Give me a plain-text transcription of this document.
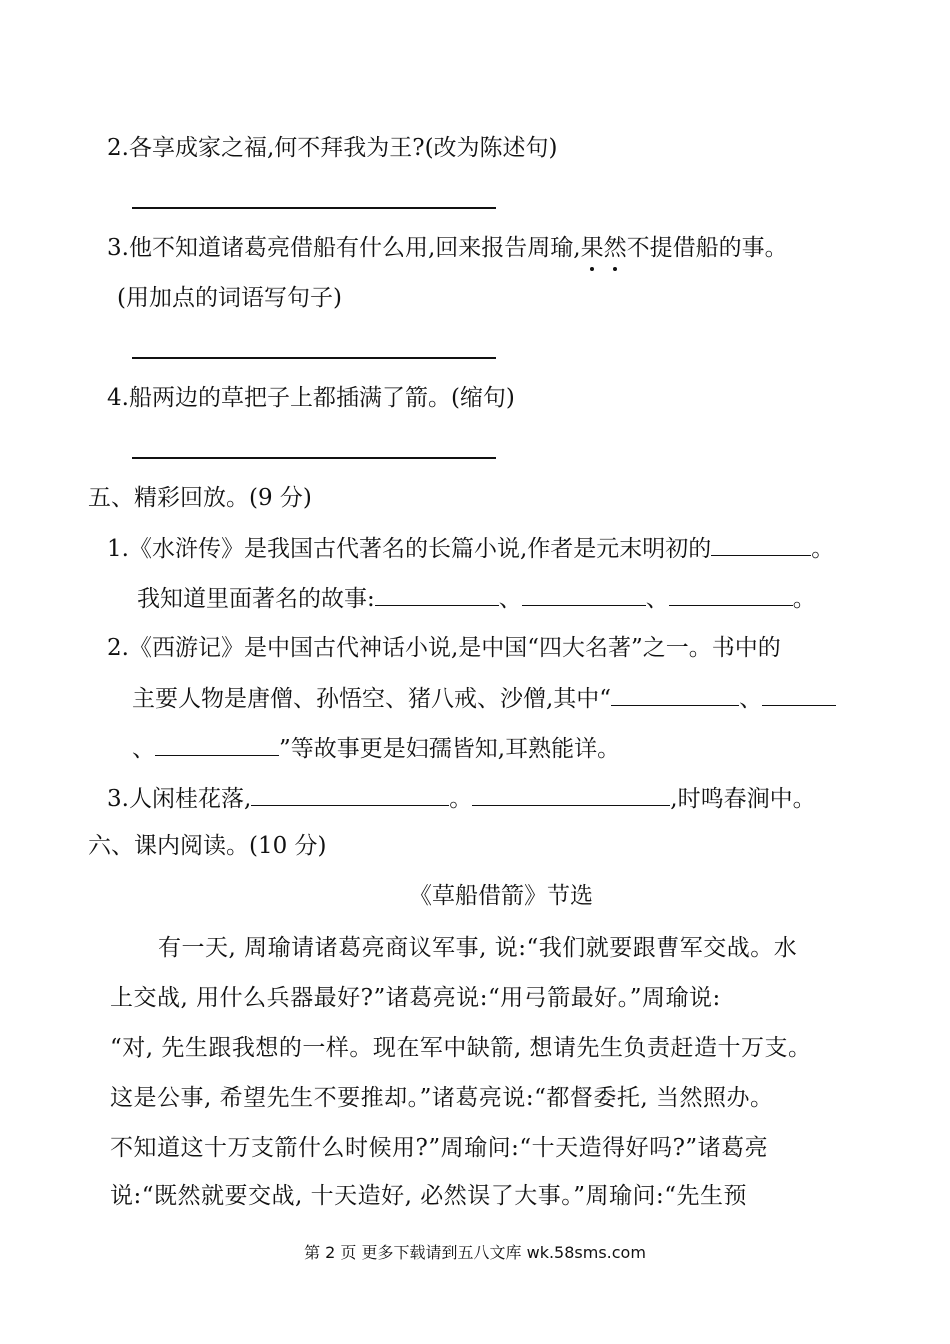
2.各享成家之福,何不拜我为王?(改为陈述句)
3.他不知道诸葛亮借船有什么用,回来报告周瑜,果然不提借船的事。
(用加点的词语写句子)
4.船两边的草把子上都插满了箭。(缩句)
五、精彩回放。(9 分)
1.《水浒传》是我国古代著名的长篇小说,作者是元末明初的	。
我知道里面著名的故事:	、	、	。
2.《西游记》是中国古代神话小说,是中国“四大名著”之一。书中的
主要人物是唐僧、孙悟空、猪八戒、沙僧,其中“	、
、	”等故事更是妇孺皆知,耳熟能详。
3.人闲桂花落,	。	,时鸣春涧中。
六、课内阅读。(10 分)
《草船借箭》节选
有一天, 周瑜请诸葛亮商议军事, 说:“我们就要跟曹军交战。水
上交战, 用什么兵器最好?”诸葛亮说:“用弓箭最好。”周瑜说:
“对, 先生跟我想的一样。现在军中缺箭, 想请先生负责赶造十万支。
这是公事, 希望先生不要推却。”诸葛亮说:“都督委托, 当然照办。
不知道这十万支箭什么时候用?”周瑜问:“十天造得好吗?”诸葛亮
说:“既然就要交战, 十天造好, 必然误了大事。”周瑜问:“先生预
第 2 页 更多下载请到五八文库 wk.58sms.com
